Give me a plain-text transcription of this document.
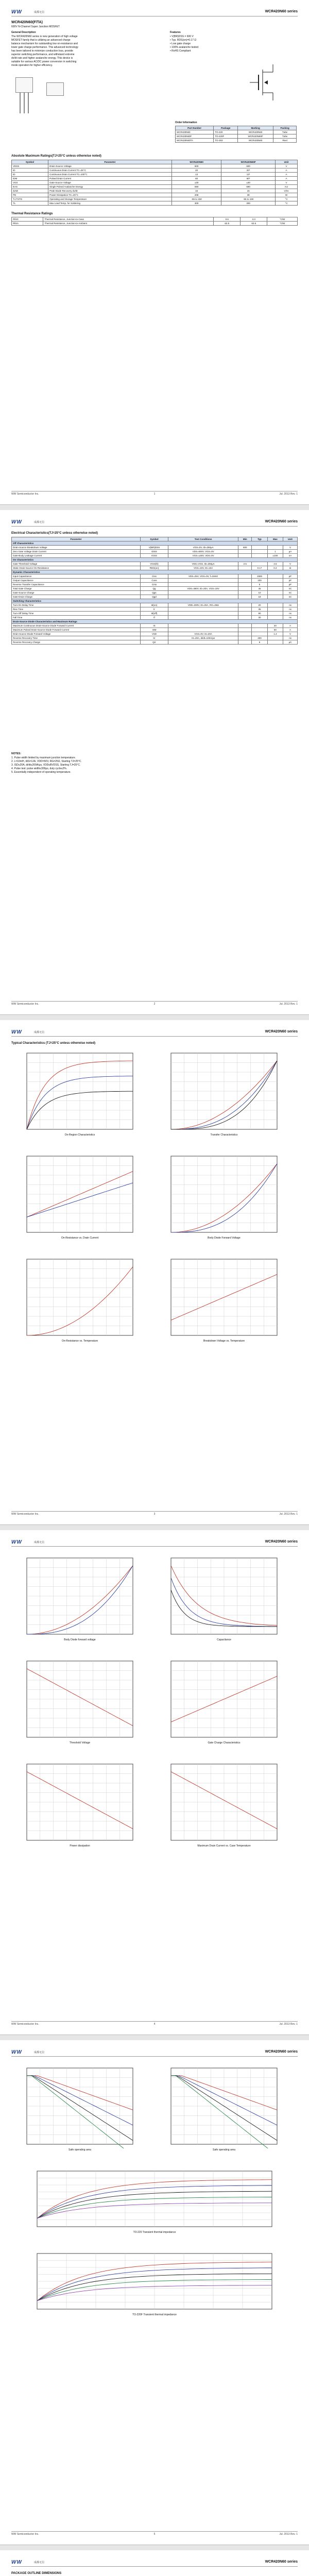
WW	成都无信	WCR420N60 series
WCR420N60(F/TA)
600V N-Channel Super Junction MOSFET
General Description
The WCR420N60 series is new generation of high voltage
MOSFET family that is utilizing an advanced charge
balance mechanism for outstanding low on-resistance and
lower gate charge performance. This advanced technology
has been tailored to minimize conduction loss, provide
superior switching performance, and withstand extreme
dv/dt rate and higher avalanche energy. This device is
suitable for various AC/DC power conversion in switching
mode operation for higher efficiency.
Features
• V(BR)DSS = 600 V
• Typ. RDS(on)=0.17 Ω
• Low gate charge
• 100% avalanche tested
• RoHS Compliant
Order Information
Part Number	Package	Marking	Packing
WCR420N60	TO-220	WCR420N60	Tube
WCR420N60F	TO-220F	WCR420N60F	Tube
WCR420N60TA	TO-263	WCR420N60	Reel
Absolute Maximum Ratings(TJ=25°C unless otherwise noted)
Symbol	Parameter	WCR420N60	WCR420N60F	Unit
VDSS	Drain-Source Voltage	600	600	V
ID	Continuous Drain Current TC=25°C	20	20*	A
ID	Continuous Drain Current TC=100°C	13	13*	A
IDM	Pulsed Drain Current	60	60*	A
VGS	Gate-Source Voltage	±30	±30	V
EAS	Single Pulsed Avalanche Energy	690	690	mJ
dv/dt	Peak Diode Recovery dv/dt	15	15	V/ns
PD	Power Dissipation TC=25°C	208	38	W
TJ,TSTG	Operating and Storage Temperature	-55 to 150	-55 to 150	°C
TL	Max Lead Temp. for Soldering	300	300	°C
Thermal Resistance Ratings
RθJC	Thermal Resistance, Junction-to-Case	0.6	3.3	°C/W
RθJA	Thermal Resistance, Junction-to-Ambient	62.5	62.5	°C/W
WW Semiconductor Inc.	1	Jul. 2013 Rev. 1
WW	成都无信	WCR420N60 series
Electrical Characteristics(TJ=25°C unless otherwise noted)
Parameter	Symbol	Test Conditions	Min	Typ	Max	Unit
Off Characteristics						
Drain-Source Breakdown Voltage	V(BR)DSS	VGS=0V, ID=250μA	600			V
Zero Gate Voltage Drain Current	IDSS	VDS=600V, VGS=0V			1	μA
Gate-Body Leakage Current	IGSS	VGS=±30V, VDS=0V			±100	nA
On Characteristics						
Gate Threshold Voltage	VGS(th)	VDS=VGS, ID=250μA	2.5		4.5	V
Static Drain-Source On-Resistance	RDS(on)	VGS=10V, ID=10A		0.17	0.2	Ω
Dynamic Characteristics						
Input Capacitance	Ciss	VDS=25V, VGS=0V, f=1MHz		1900		pF
Output Capacitance	Coss			100		pF
Reverse Transfer Capacitance	Crss			5		pF
Total Gate Charge	Qg	VDS=480V, ID=20A, VGS=10V		45		nC
Gate-Source Charge	Qgs			10		nC
Gate-Drain Charge	Qgd			18		nC
Switching Characteristics						
Turn-On Delay Time	td(on)	VDD=300V, ID=20A, RG=25Ω		20		ns
Rise Time	tr			35		ns
Turn-Off Delay Time	td(off)			90		ns
Fall Time	tf			30		ns
Drain-Source Diode Characteristics and Maximum Ratings						
Maximum Continuous Drain-Source Diode Forward Current	IS				20	A
Maximum Pulsed Drain-Source Diode Forward Current	ISM				60	A
Drain-Source Diode Forward Voltage	VSD	VGS=0V, IS=20A			1.4	V
Reverse Recovery Time	trr	IS=20A, di/dt=100A/μs		400		ns
Reverse Recovery Charge	Qrr			6		μC
NOTES:
1. Pulse width limited by maximum junction temperature.
2. L=10mH, IAS=12A, VDD=50V, RG=25Ω, Starting TJ=25°C.
3. ISD≤20A, di/dt≤200A/μs, VDD≤BVDSS, Starting TJ=25°C.
4. Pulse test: pulse width≤300μs, duty cycle≤2%.
5. Essentially independent of operating temperature.
WW Semiconductor Inc.	2	Jul. 2013 Rev. 1
WW	成都无信	WCR420N60 series
Typical Characteristics (TJ=25°C unless otherwise noted)
On-Region Characteristics	Transfer Characteristics
On-Resistance vs. Drain Current	Body Diode Forward Voltage
On-Resistance vs. Temperature	Breakdown Voltage vs. Temperature
WW Semiconductor Inc.	3	Jul. 2013 Rev. 1
WW	成都无信	WCR420N60 series
Body Diode forward voltage	Capacitance
Threshold Voltage	Gate Charge Characteristics
Power dissipation	Maximum Drain Current vs. Case Temperature
WW Semiconductor Inc.	4	Jul. 2013 Rev. 1
WW	成都无信	WCR420N60 series
Safe operating area	Safe operating area
TO-220 Transient thermal impedance
TO-220F Transient thermal impedance
WW Semiconductor Inc.	5	Jul. 2013 Rev. 1
WW	成都无信	WCR420N60 series
PACKAGE OUTLINE DIMENSIONS
